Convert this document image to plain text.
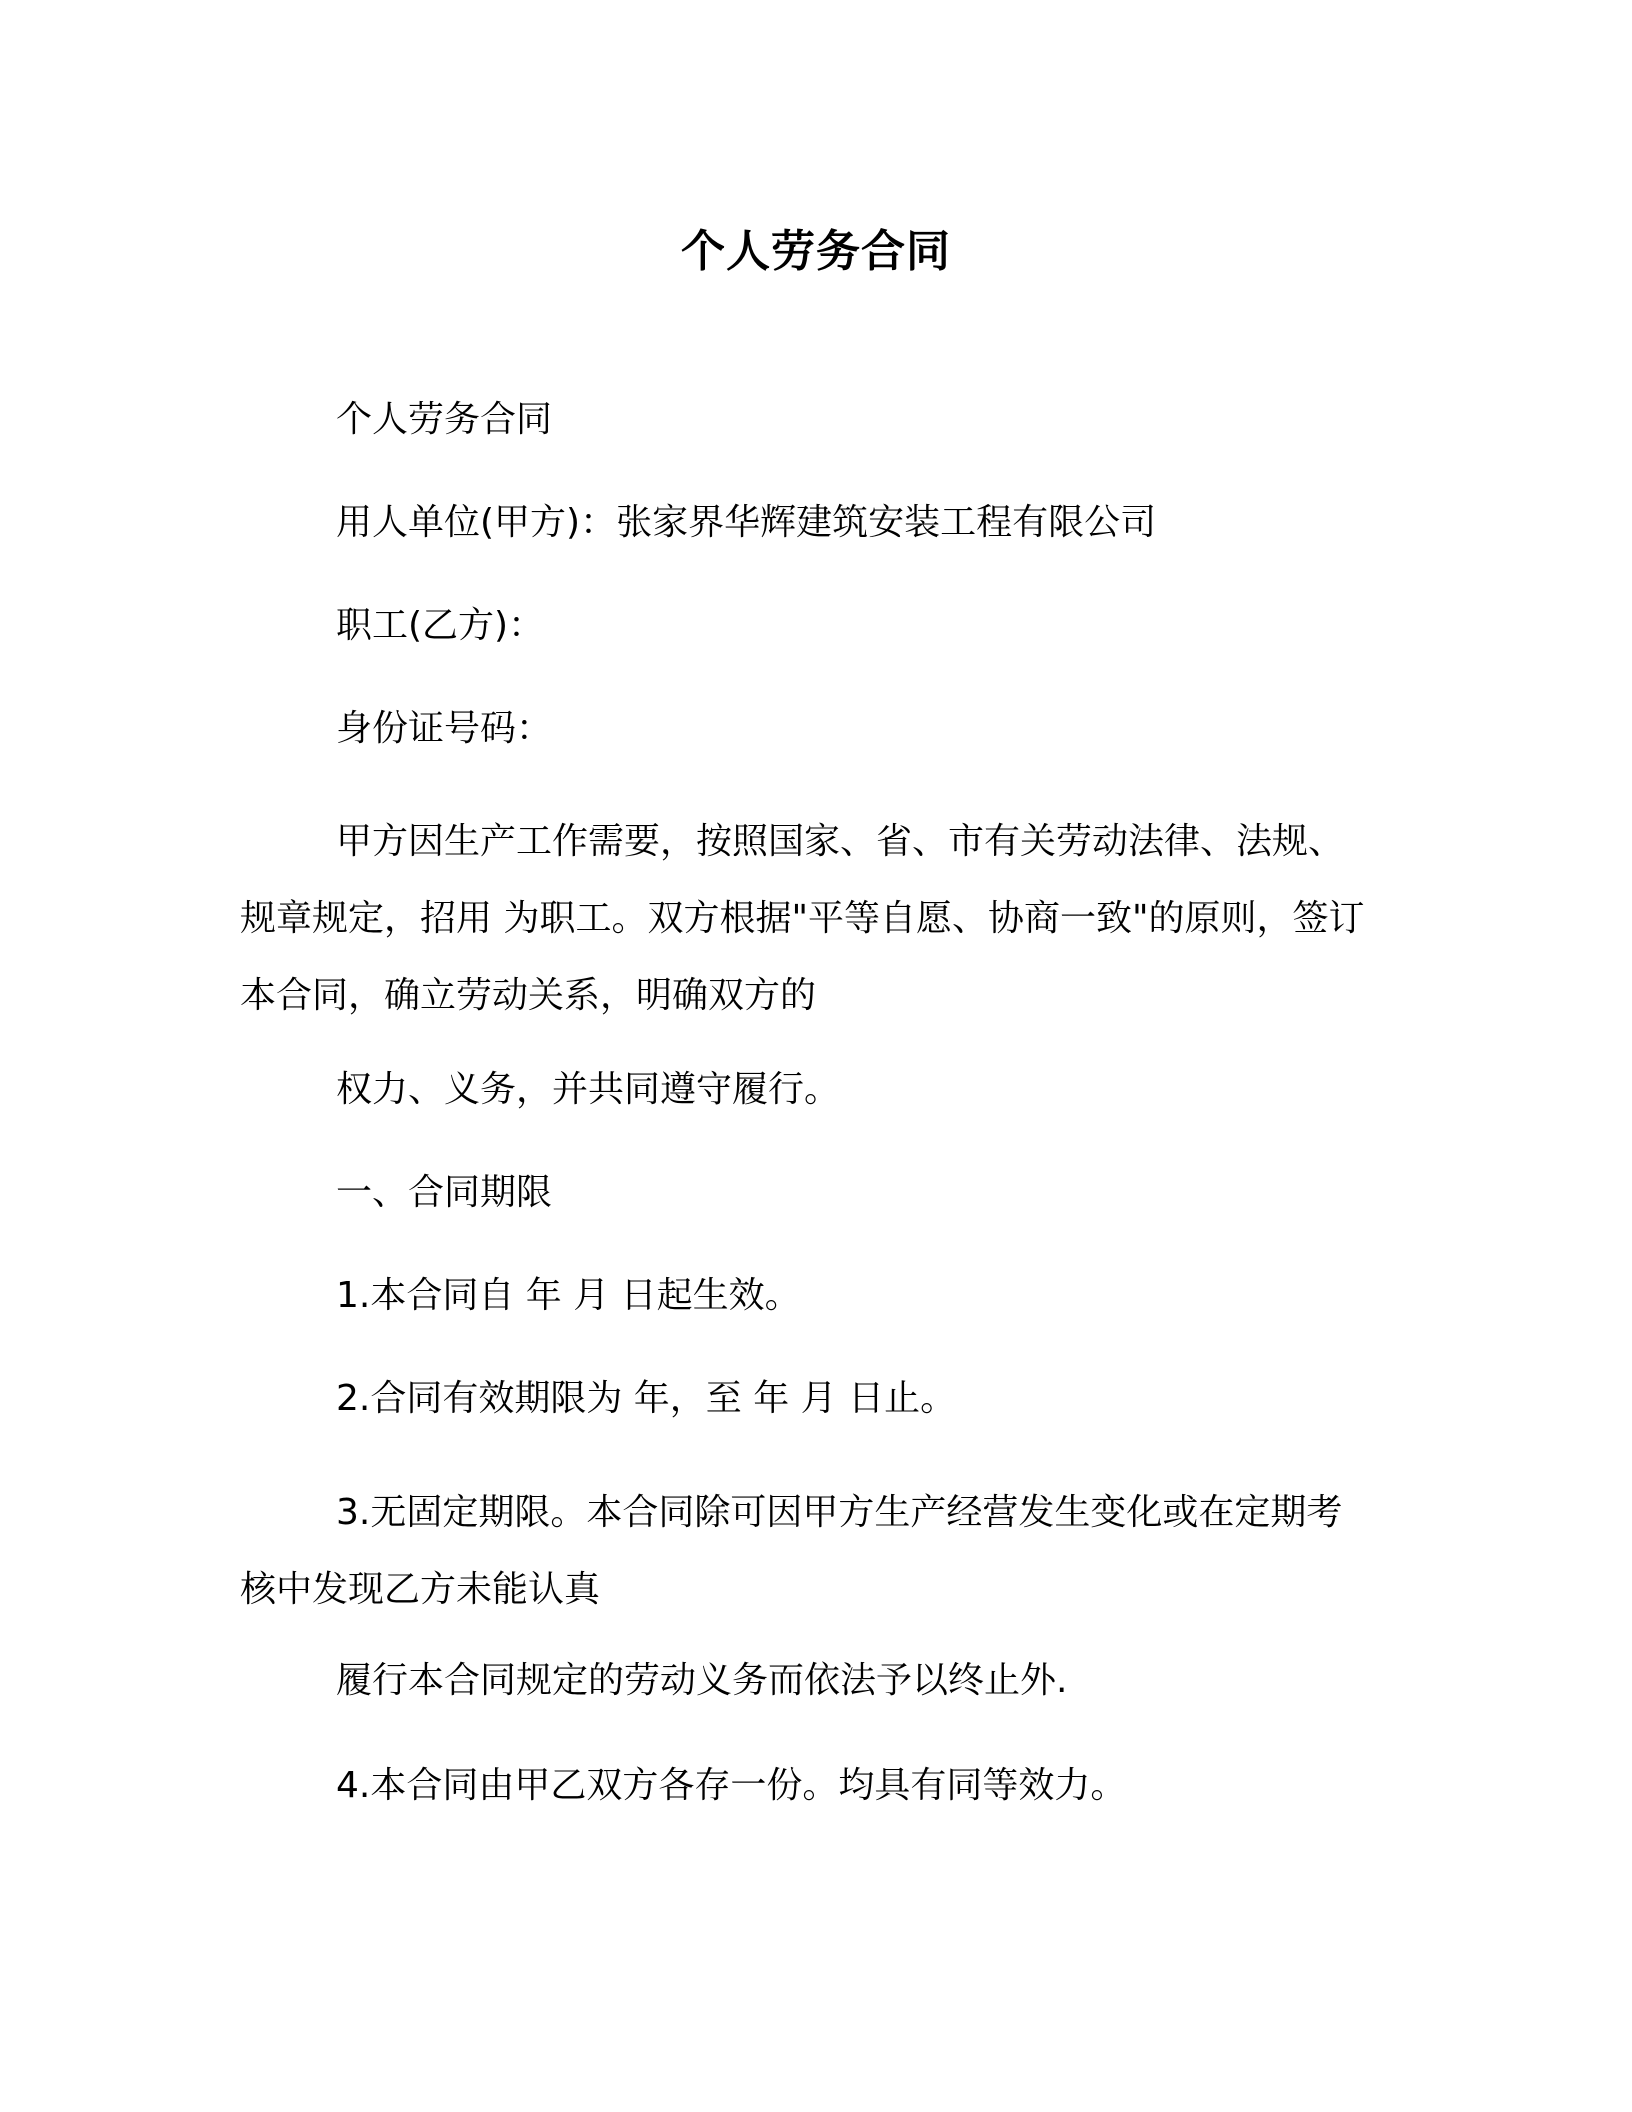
个人劳务合同
个人劳务合同
用人单位(甲方)：张家界华辉建筑安装工程有限公司
职工(乙方)：
身份证号码：

甲方因生产工作需要，按照国家、省、市有关劳动法律、法规、规章规定，招用 为职工。双方根据"平等自愿、协商一致"的原则，签订本合同，确立劳动关系，明确双方的

权力、义务，并共同遵守履行。
一、合同期限
1.本合同自 年 月 日起生效。
2.合同有效期限为 年，至 年 月 日止。

3.无固定期限。本合同除可因甲方生产经营发生变化或在定期考核中发现乙方未能认真

履行本合同规定的劳动义务而依法予以终止外.
4.本合同由甲乙双方各存一份。均具有同等效力。
